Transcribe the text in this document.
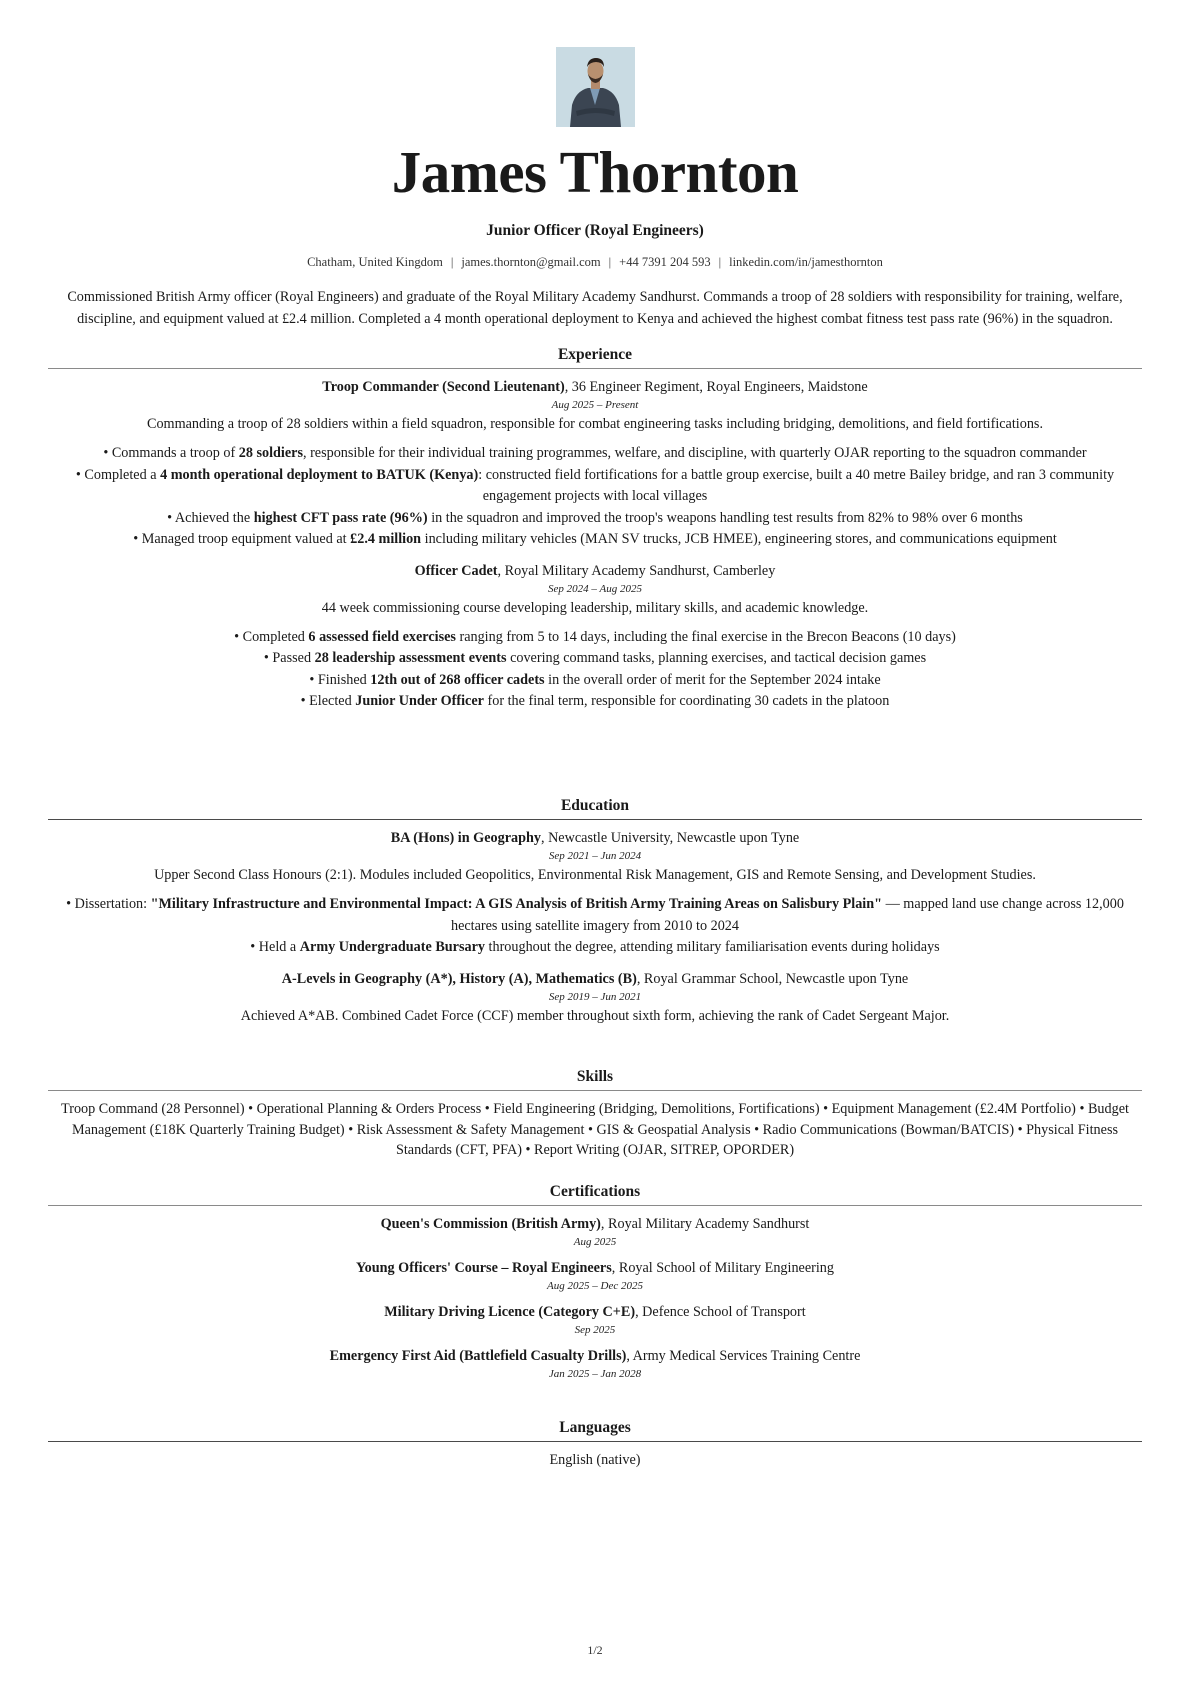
James Thornton
Junior Officer (Royal Engineers)
Chatham, United Kingdom | james.thornton@gmail.com | +44 7391 204 593 | linkedin.com/in/jamesthornton
Commissioned British Army officer (Royal Engineers) and graduate of the Royal Military Academy Sandhurst. Commands a troop of 28 soldiers with responsibility for training, welfare, discipline, and equipment valued at £2.4 million. Completed a 4 month operational deployment to Kenya and achieved the highest combat fitness test pass rate (96%) in the squadron.
Experience
Troop Commander (Second Lieutenant), 36 Engineer Regiment, Royal Engineers, Maidstone
Aug 2025 – Present
Commanding a troop of 28 soldiers within a field squadron, responsible for combat engineering tasks including bridging, demolitions, and field fortifications.
• Commands a troop of 28 soldiers, responsible for their individual training programmes, welfare, and discipline, with quarterly OJAR reporting to the squadron commander
• Completed a 4 month operational deployment to BATUK (Kenya): constructed field fortifications for a battle group exercise, built a 40 metre Bailey bridge, and ran 3 community engagement projects with local villages
• Achieved the highest CFT pass rate (96%) in the squadron and improved the troop's weapons handling test results from 82% to 98% over 6 months
• Managed troop equipment valued at £2.4 million including military vehicles (MAN SV trucks, JCB HMEE), engineering stores, and communications equipment
Officer Cadet, Royal Military Academy Sandhurst, Camberley
Sep 2024 – Aug 2025
44 week commissioning course developing leadership, military skills, and academic knowledge.
• Completed 6 assessed field exercises ranging from 5 to 14 days, including the final exercise in the Brecon Beacons (10 days)
• Passed 28 leadership assessment events covering command tasks, planning exercises, and tactical decision games
• Finished 12th out of 268 officer cadets in the overall order of merit for the September 2024 intake
• Elected Junior Under Officer for the final term, responsible for coordinating 30 cadets in the platoon
Education
BA (Hons) in Geography, Newcastle University, Newcastle upon Tyne
Sep 2021 – Jun 2024
Upper Second Class Honours (2:1). Modules included Geopolitics, Environmental Risk Management, GIS and Remote Sensing, and Development Studies.
• Dissertation: "Military Infrastructure and Environmental Impact: A GIS Analysis of British Army Training Areas on Salisbury Plain" — mapped land use change across 12,000 hectares using satellite imagery from 2010 to 2024
• Held a Army Undergraduate Bursary throughout the degree, attending military familiarisation events during holidays
A-Levels in Geography (A*), History (A), Mathematics (B), Royal Grammar School, Newcastle upon Tyne
Sep 2019 – Jun 2021
Achieved A*AB. Combined Cadet Force (CCF) member throughout sixth form, achieving the rank of Cadet Sergeant Major.
Skills
Troop Command (28 Personnel) • Operational Planning & Orders Process • Field Engineering (Bridging, Demolitions, Fortifications) • Equipment Management (£2.4M Portfolio) • Budget Management (£18K Quarterly Training Budget) • Risk Assessment & Safety Management • GIS & Geospatial Analysis • Radio Communications (Bowman/BATCIS) • Physical Fitness Standards (CFT, PFA) • Report Writing (OJAR, SITREP, OPORDER)
Certifications
Queen's Commission (British Army), Royal Military Academy Sandhurst
Aug 2025
Young Officers' Course – Royal Engineers, Royal School of Military Engineering
Aug 2025 – Dec 2025
Military Driving Licence (Category C+E), Defence School of Transport
Sep 2025
Emergency First Aid (Battlefield Casualty Drills), Army Medical Services Training Centre
Jan 2025 – Jan 2028
Languages
English (native)
1/2
